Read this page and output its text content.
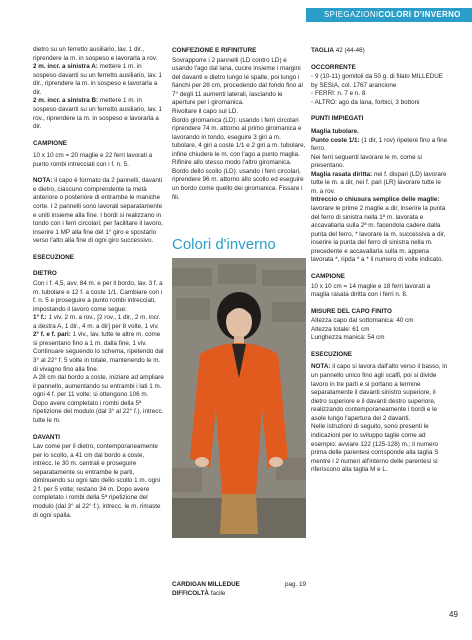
SPIEGAZIONICOLORI D'INVERNO

dietro su un ferretto ausiliario, lav. 1 dir., riprendere la m. in sospeso e lavorarla a rov.

2 m. incr. a sinistra A: mettere 1 m. in sospeso davanti su un ferretto ausiliario, lav. 1 dir., riprendere la m. in sospeso e lavorarla a dir.

2 m. incr. a sinistra B: mettere 1 m. in sospeso davanti su un ferretto ausiliario, lav. 1 rov., riprendere la m. in sospeso e lavorarla a dir.

CAMPIONE

10 x 10 cm = 20 maglie e 22 ferri lavorati a punto rombi intrecciati con i f. n. 5.

NOTA: il capo è formato da 2 pannelli, davanti e dietro, ciascuno comprendente la metà anteriore o posteriore di entrambe le maniche corte. I 2 pannelli sono lavorati separatamente e uniti insieme alla fine. I bordi si realizzano in tondo con i ferri circolari; per facilitare il lavoro, inserire 1 MP alla fine del 1° giro e spostarlo verso l'alto alla fine di ogni giro successivo.

ESECUZIONE

DIETRO

Con i f. 4,5, avv. 84 m. e per il bordo, lav. 3 f. a m. tubolare e 12 f. a coste 1/1. Cambiare con i f. n. 5 e proseguire a punto rombi intrecciati, impostando il lavoro come segue:

1° f.: 1 viv. 2 m. a rov., [2 rov., 1 dir., 2 m. incr. a destra A, 1 dir., 4 m. a dir] per 8 volte, 1 viv.

2° f. e f. pari: 1 viv., lav. tutte le altre m. come si presentano fino a 1 m. dalla fine, 1 viv.

Continuare seguendo lo schema, ripetendo dal 3° al 22° f. 5 volte in totale, mantenendo le m. di vivagno fino alla fine.

A 28 cm dal bordo a coste, iniziare ad ampliare il pannello, aumentando su entrambi i lati 1 m. ogni 4 f. per 11 volte; si ottengono 106 m. Dopo avere completato i rombi della 5ª ripetizione del modulo (dal 3° al 22° f.), intrecc. tutte le m.

DAVANTI

Lav come per il dietro, contemporaneamente per lo scollo, a 41 cm dal bordo a coste, intrecc. le 30 m. centrali e proseguire separatamente su entrambe le parti, diminuendo su ogni lato dello scollo 1 m. ogni 2 f. per 5 volte; restano 34 m. Dopo avere completato i rombi della 5ª ripetizione del modulo (dal 3° al 22° f.), intrecc. le m. rimaste di ogni spalla.

CONFEZIONE E RIFINITURE

Sovrapporre i 2 pannelli (LD contro LD) e usando l'ago dal lana, cucire insieme i margini del davanti e dietro lungo le spalle, poi lungo i fianchi per 28 cm, procedendo dal fondo fino al 7° degli 11 aumenti laterali, lasciando le aperture per i giromanica.

Rivoltare il capo sul LD.

Bordo giromanica (LD): usando i ferri circolari riprendere 74 m. attorno al primo giromanica e lavorando in tondo, eseguire 3 giri a m. tubolare, 4 giri a coste 1/1 e 2 giri a m. tubolare, infine chiudere le m. con l'ago a punto maglia. Rifinire allo stesso modo l'altro giromanica.

Bordo dello scollo (LD): usando i ferri circolari, riprendere 96 m. attorno allo scollo ed eseguire un bordo come quello dei giromanica. Fissare i fili.

Colori d'inverno

CARDIGAN MILLEDUE

DIFFICOLTÀ facile
pag. 19

TAGLIA 42 (44-46)

OCCORRENTE

◦ 9 (10-11) gomitoli da 50 g. di filato MILLEDUE by SESIA, col. 1767 arancione

◦ FERRI: n. 7 e n. 8

◦ ALTRO: ago da lana, forbici, 3 bottoni

PUNTI IMPIEGATI

Maglia tubolare.

Punto coste 1/1: (1 dir, 1 rov) ripetere fino a fine ferro.

Nei ferri seguenti lavorare le m. come si presentano.

Maglia rasata diritta: nei f. dispari (LD) lavorare tutte le m. a dir, nei f. pari (LR) lavorare tutte le m. a rov.

Intreccio o chiusura semplice delle maglie: lavorare le prime 2 maglie a dir, inserire la punta del ferro di sinistra nella 1ª m. lavorata e accavallarla sulla 2ª m. facendola cadere dalla punta del ferro, * lavorare la m. successiva a dir, inserire la punta del ferro di sinistra nella m. precedente e accavallarla sulla m. appena lavorata *, ripda * a * il numero di volte indicato.

CAMPIONE

10 x 10 cm = 14 maglie e 18 ferri lavorati a maglia rasata diritta con i ferri n. 8.

MISURE DEL CAPO FINITO

Altezza capo dal sottomanica: 40 cm

Altezza totale: 61 cm

Lunghezza manica: 54 cm

ESECUZIONE

NOTA: il capo si lavora dall'alto verso il basso, in un pannello unico fino agli scalfi, poi si divide lavoro in tre parti e si portano a termine separatamente il davanti sinistro superiore, il dietro superiore e il davanti destro superiore, realizzando contemporaneamente i bordi e le asole lungo l'apertura dei 2 davanti.

Nelle istruzioni di seguito, sono presenti le indicazioni per lo sviluppo taglie come ad esempio: avviare 122 (125-128) m.; il numero prima delle parentesi corrisponde alla taglia S mentre i 2 numeri all'interno delle parentesi si riferiscono alla taglia M e L.

49
